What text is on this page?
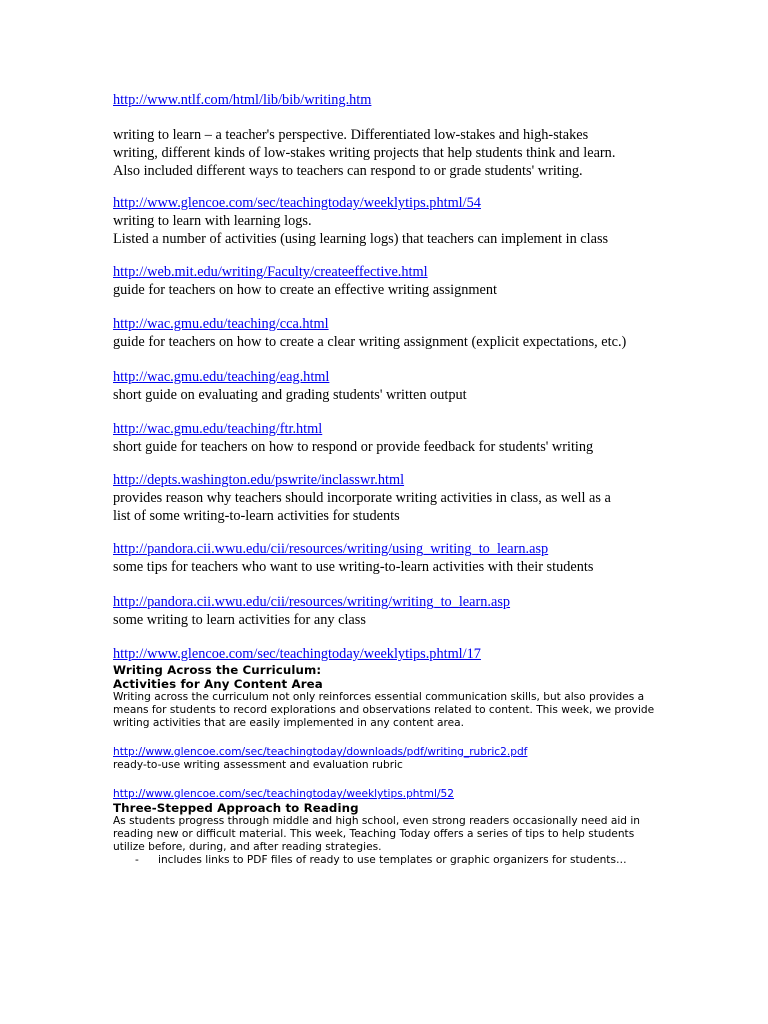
http://www.ntlf.com/html/lib/bib/writing.htm
writing to learn – a teacher's perspective. Differentiated low-stakes and high-stakes
writing, different kinds of low-stakes writing projects that help students think and learn.
Also included different ways to teachers can respond to or grade students' writing.
http://www.glencoe.com/sec/teachingtoday/weeklytips.phtml/54
writing to learn with learning logs.
Listed a number of activities (using learning logs) that teachers can implement in class
http://web.mit.edu/writing/Faculty/createeffective.html
guide for teachers on how to create an effective writing assignment
http://wac.gmu.edu/teaching/cca.html
guide for teachers on how to create a clear writing assignment (explicit expectations, etc.)
http://wac.gmu.edu/teaching/eag.html
short guide on evaluating and grading students' written output
http://wac.gmu.edu/teaching/ftr.html
short guide for teachers on how to respond or provide feedback for students' writing
http://depts.washington.edu/pswrite/inclasswr.html
provides reason why teachers should incorporate writing activities in class, as well as a
list of some writing-to-learn activities for students
http://pandora.cii.wwu.edu/cii/resources/writing/using_writing_to_learn.asp
some tips for teachers who want to use writing-to-learn activities with their students
http://pandora.cii.wwu.edu/cii/resources/writing/writing_to_learn.asp
some writing to learn activities for any class
http://www.glencoe.com/sec/teachingtoday/weeklytips.phtml/17
Writing Across the Curriculum:
Activities for Any Content Area
Writing across the curriculum not only reinforces essential communication skills, but also provides a means for students to record explorations and observations related to content. This week, we provide writing activities that are easily implemented in any content area.
http://www.glencoe.com/sec/teachingtoday/downloads/pdf/writing_rubric2.pdf
ready-to-use writing assessment and evaluation rubric
http://www.glencoe.com/sec/teachingtoday/weeklytips.phtml/52
Three-Stepped Approach to Reading
As students progress through middle and high school, even strong readers occasionally need aid in reading new or difficult material. This week, Teaching Today offers a series of tips to help students utilize before, during, and after reading strategies.
- includes links to PDF files of ready to use templates or graphic organizers for students…
